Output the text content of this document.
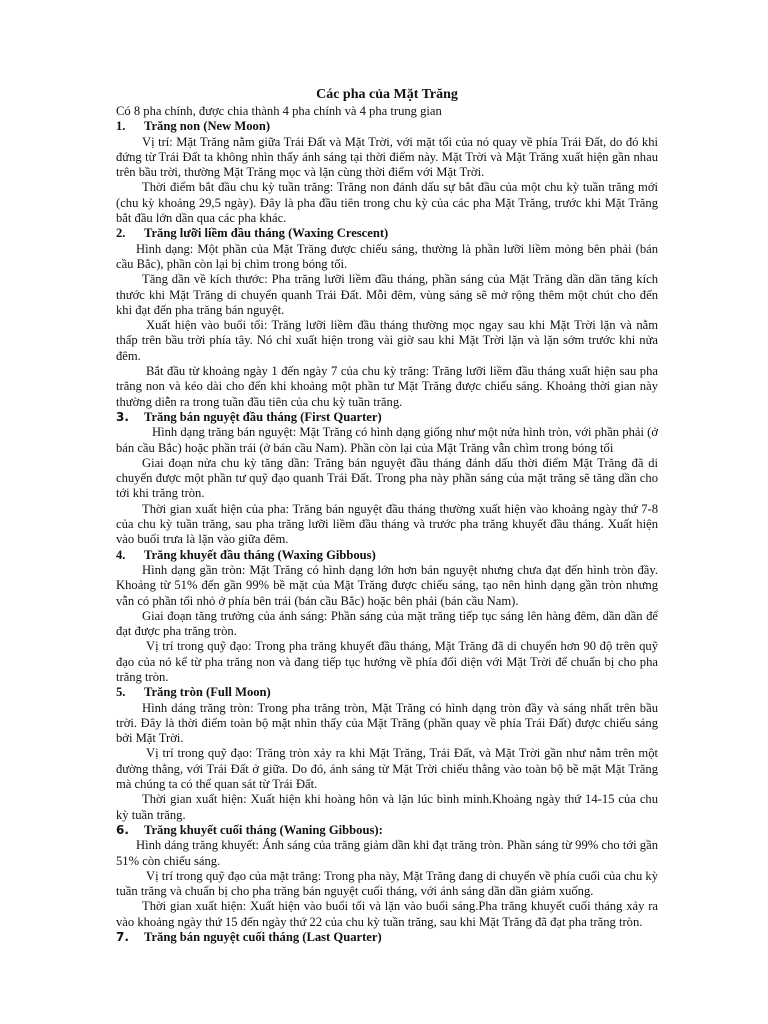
Các pha của Mặt Trăng

Có 8 pha chính, được chia thành 4 pha chính và 4 pha trung gian

1. Trăng non (New Moon)

Vị trí: Mặt Trăng nằm giữa Trái Đất và Mặt Trời, với mặt tối của nó quay về phía Trái Đất, do đó khi đứng từ Trái Đất ta không nhìn thấy ánh sáng tại thời điểm này. Mặt Trời và Mặt Trăng xuất hiện gần nhau trên bầu trời, thường Mặt Trăng mọc và lặn cùng thời điểm với Mặt Trời.

Thời điểm bắt đầu chu kỳ tuần trăng: Trăng non đánh dấu sự bắt đầu của một chu kỳ tuần trăng mới (chu kỳ khoảng 29,5 ngày). Đây là pha đầu tiên trong chu kỳ của các pha Mặt Trăng, trước khi Mặt Trăng bắt đầu lớn dần qua các pha khác.

2. Trăng lưỡi liềm đầu tháng (Waxing Crescent)

Hình dạng: Một phần của Mặt Trăng được chiếu sáng, thường là phần lưỡi liềm mỏng bên phải (bán cầu Bắc), phần còn lại bị chìm trong bóng tối.

Tăng dần về kích thước: Pha trăng lưỡi liềm đầu tháng, phần sáng của Mặt Trăng dần dần tăng kích thước khi Mặt Trăng di chuyển quanh Trái Đất. Mỗi đêm, vùng sáng sẽ mở rộng thêm một chút cho đến khi đạt đến pha trăng bán nguyệt.

Xuất hiện vào buổi tối: Trăng lưỡi liềm đầu tháng thường mọc ngay sau khi Mặt Trời lặn và nằm thấp trên bầu trời phía tây. Nó chỉ xuất hiện trong vài giờ sau khi Mặt Trời lặn và lặn sớm trước khi nửa đêm.

Bắt đầu từ khoảng ngày 1 đến ngày 7 của chu kỳ trăng: Trăng lưỡi liềm đầu tháng xuất hiện sau pha trăng non và kéo dài cho đến khi khoảng một phần tư Mặt Trăng được chiếu sáng. Khoảng thời gian này thường diễn ra trong tuần đầu tiên của chu kỳ tuần trăng.

3. Trăng bán nguyệt đầu tháng (First Quarter)

Hình dạng trăng bán nguyệt: Mặt Trăng có hình dạng giống như một nửa hình tròn, với phần phải (ở bán cầu Bắc) hoặc phần trái (ở bán cầu Nam). Phần còn lại của Mặt Trăng vẫn chìm trong bóng tối

Giai đoạn nửa chu kỳ tăng dần: Trăng bán nguyệt đầu tháng đánh dấu thời điểm Mặt Trăng đã di chuyển được một phần tư quỹ đạo quanh Trái Đất. Trong pha này phần sáng của mặt trăng sẽ tăng dần cho tới khi trăng tròn.

Thời gian xuất hiện của pha: Trăng bán nguyệt đầu tháng thường xuất hiện vào khoảng ngày thứ 7-8 của chu kỳ tuần trăng, sau pha trăng lưỡi liềm đầu tháng và trước pha trăng khuyết đầu tháng. Xuất hiện vào buổi trưa là lặn vào giữa đêm.

4. Trăng khuyết đầu tháng (Waxing Gibbous)

Hình dạng gần tròn: Mặt Trăng có hình dạng lớn hơn bán nguyệt nhưng chưa đạt đến hình tròn đầy. Khoảng từ 51% đến gần 99% bề mặt của Mặt Trăng được chiếu sáng, tạo nên hình dạng gần tròn nhưng vẫn có phần tối nhỏ ở phía bên trái (bán cầu Bắc) hoặc bên phải (bán cầu Nam).

Giai đoạn tăng trưởng của ánh sáng: Phần sáng của mặt trăng tiếp tục sáng lên hàng đêm, dần dần để đạt được pha trăng tròn.

Vị trí trong quỹ đạo: Trong pha trăng khuyết đầu tháng, Mặt Trăng đã di chuyển hơn 90 độ trên quỹ đạo của nó kể từ pha trăng non và đang tiếp tục hướng về phía đối diện với Mặt Trời để chuẩn bị cho pha trăng tròn.

5. Trăng tròn (Full Moon)

Hình dáng trăng tròn: Trong pha trăng tròn, Mặt Trăng có hình dạng tròn đầy và sáng nhất trên bầu trời. Đây là thời điểm toàn bộ mặt nhìn thấy của Mặt Trăng (phần quay về phía Trái Đất) được chiếu sáng bởi Mặt Trời.

Vị trí trong quỹ đạo: Trăng tròn xảy ra khi Mặt Trăng, Trái Đất, và Mặt Trời gần như nằm trên một đường thẳng, với Trái Đất ở giữa. Do đó, ánh sáng từ Mặt Trời chiếu thẳng vào toàn bộ bề mặt Mặt Trăng mà chúng ta có thể quan sát từ Trái Đất.

Thời gian xuất hiện: Xuất hiện khi hoàng hôn và lặn lúc bình minh.Khoảng ngày thứ 14-15 của chu kỳ tuần trăng.

6. Trăng khuyết cuối tháng (Waning Gibbous):

Hình dáng trăng khuyết: Ánh sáng của trăng giảm dần khi đạt trăng tròn. Phần sáng từ 99% cho tới gần 51% còn chiếu sáng.

Vị trí trong quỹ đạo của mặt trăng: Trong pha này, Mặt Trăng đang di chuyển về phía cuối của chu kỳ tuần trăng và chuẩn bị cho pha trăng bán nguyệt cuối tháng, với ánh sáng dần dần giảm xuống.

Thời gian xuất hiện: Xuất hiện vào buổi tối và lặn vào buổi sáng.Pha trăng khuyết cuối tháng xảy ra vào khoảng ngày thứ 15 đến ngày thứ 22 của chu kỳ tuần trăng, sau khi Mặt Trăng đã đạt pha trăng tròn.

7. Trăng bán nguyệt cuối tháng (Last Quarter)
